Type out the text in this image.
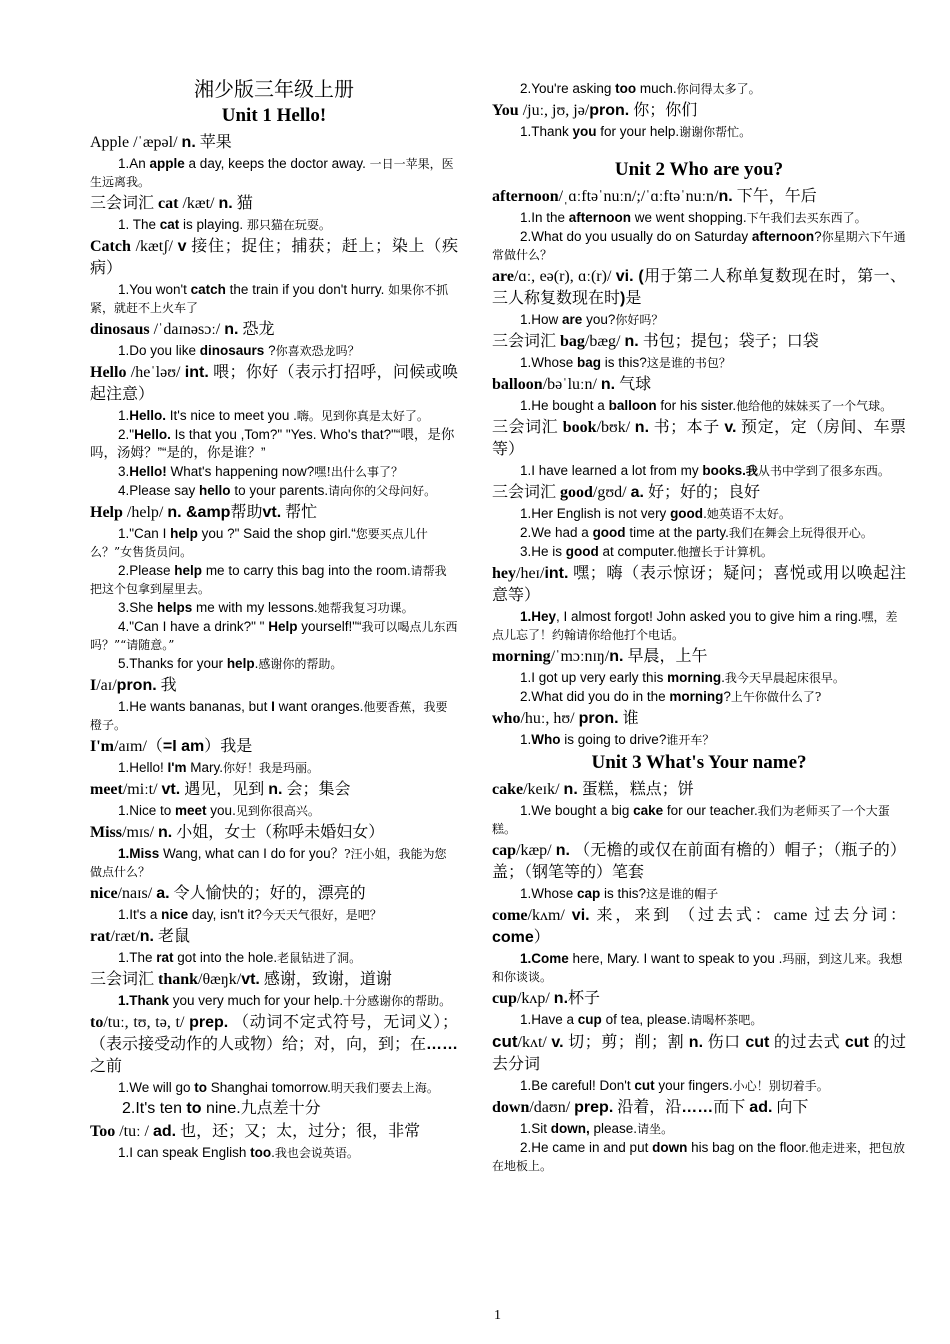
湘少版三年级上册
Unit 1 Hello!
Apple /ˈæpəl/ n. 苹果
1.An apple a day, keeps the doctor away. 一日一苹果，医生远离我。
三会词汇 cat /kæt/ n. 猫
1. The cat is playing. 那只猫在玩耍。
Catch /kætʃ/ v 接住；捉住；捕获；赶上；染上（疾病）
1.You won't catch the train if you don't hurry. 如果你不抓紧，就赶不上火车了
dinosaus /ˈdaɪnəsɔː/ n. 恐龙
1.Do you like dinosaurs ?你喜欢恐龙吗？
Hello /heˈləʊ/ int. 喂；你好（表示打招呼，问候或唤起注意）
1.Hello. It's nice to meet you .嗨。见到你真是太好了。
2."Hello. Is that you ,Tom?" "Yes. Who's that?"“喂，是你吗，汤姆？”“是的，你是谁？”
3.Hello! What's happening now?嘿!出什么事了？
4.Please say hello to your parents.请向你的父母问好。
Help /help/ n. &amp帮助vt. 帮忙
1."Can I help you ?" Said the shop girl.“您要买点儿什么？”女售货员问。
2.Please help me to carry this bag into the room.请帮我把这个包拿到屋里去。
3.She helps me with my lessons.她帮我复习功课。
4."Can I have a drink?" " Help yourself!"“我可以喝点儿东西吗？”“请随意。”
5.Thanks for your help.感谢你的帮助。
I/aɪ/pron. 我
1.He wants bananas, but I want oranges.他要香蕉，我要橙子。
I'm/aɪm/（=I am）我是
1.Hello! I'm Mary.你好！我是玛丽。
meet/miːt/ vt. 遇见，见到 n. 会；集会
1.Nice to meet you.见到你很高兴。
Miss/mɪs/ n. 小姐，女士（称呼未婚妇女）
1.Miss Wang, what can I do for you？?汪小姐，我能为您做点什么？
nice/naɪs/ a. 令人愉快的；好的，漂亮的
1.It's a nice day, isn't it?今天天气很好，是吧？
rat/ræt/n. 老鼠
1.The rat got into the hole.老鼠钻进了洞。
三会词汇 thank/θæŋk/vt. 感谢，致谢，道谢
1.Thank you very much for your help.十分感谢你的帮助。
to/tuː, tʊ, tə, t/ prep. （动词不定式符号，无词义）；（表示接受动作的人或物）给；对，向，到；在……之前
1.We will go to Shanghai tomorrow.明天我们要去上海。
2.It's ten to nine.九点差十分
Too /tuː / ad. 也，还；又；太，过分；很，非常
1.I can speak English too.我也会说英语。
2.You're asking too much.你问得太多了。
You /juː, jʊ, jə/pron. 你；你们
1.Thank you for your help.谢谢你帮忙。
Unit 2 Who are you?
afternoon/ˌɑːftəˈnuːn/;/ˈɑːftəˈnuːn/n. 下午，午后
1.In the afternoon we went shopping.下午我们去买东西了。
2.What do you usually do on Saturday afternoon?你星期六下午通常做什么？
are/ɑː, eə(r), ɑː(r)/ vi. (用于第二人称单复数现在时，第一、三人称复数现在时)是
1.How are you?你好吗？
三会词汇 bag/bæg/ n. 书包；提包；袋子；口袋
1.Whose bag is this?这是谁的书包？
balloon/bəˈluːn/ n. 气球
1.He bought a balloon for his sister.他给他的妹妹买了一个气球。
三会词汇 book/bʊk/ n. 书；本子 v. 预定，定（房间、车票等）
1.I have learned a lot from my books.我从书中学到了很多东西。
三会词汇 good/gʊd/ a. 好；好的；良好
1.Her English is not very good.她英语不太好。
2.We had a good time at the party.我们在舞会上玩得很开心。
3.He is good at computer.他擅长于计算机。
hey/heɪ/int. 嘿；嗨（表示惊讶；疑问；喜悦或用以唤起注意等）
1.Hey, I almost forgot! John asked you to give him a ring.嘿，差点儿忘了！约翰请你给他打个电话。
morning/ˈmɔːnɪŋ/n. 早晨，上午
1.I got up very early this morning.我今天早晨起床很早。
2.What did you do in the morning?上午你做什么了?
who/huː, hʊ/ pron. 谁
1.Who is going to drive?谁开车？
Unit 3 What's Your name?
cake/keɪk/ n. 蛋糕，糕点；饼
1.We bought a big cake for our teacher.我们为老师买了一个大蛋糕。
cap/kæp/ n. （无檐的或仅在前面有檐的）帽子；（瓶子的）盖；（钢笔等的）笔套
1.Whose cap is this?这是谁的帽子
come/kʌm/ vi. 来，来到 （过去式：came 过去分词：come）
1.Come here, Mary. I want to speak to you .玛丽，到这儿来。我想和你谈谈。
cup/kʌp/ n.杯子
1.Have a cup of tea, please.请喝杯茶吧。
cut/kʌt/ v. 切；剪；削；割 n. 伤口 cut 的过去式 cut 的过去分词
1.Be careful! Don't cut your fingers.小心！别切着手。
down/daʊn/ prep. 沿着，沿……而下 ad. 向下
1.Sit down, please.请坐。
2.He came in and put down his bag on the floor.他走进来，把包放在地板上。
1
